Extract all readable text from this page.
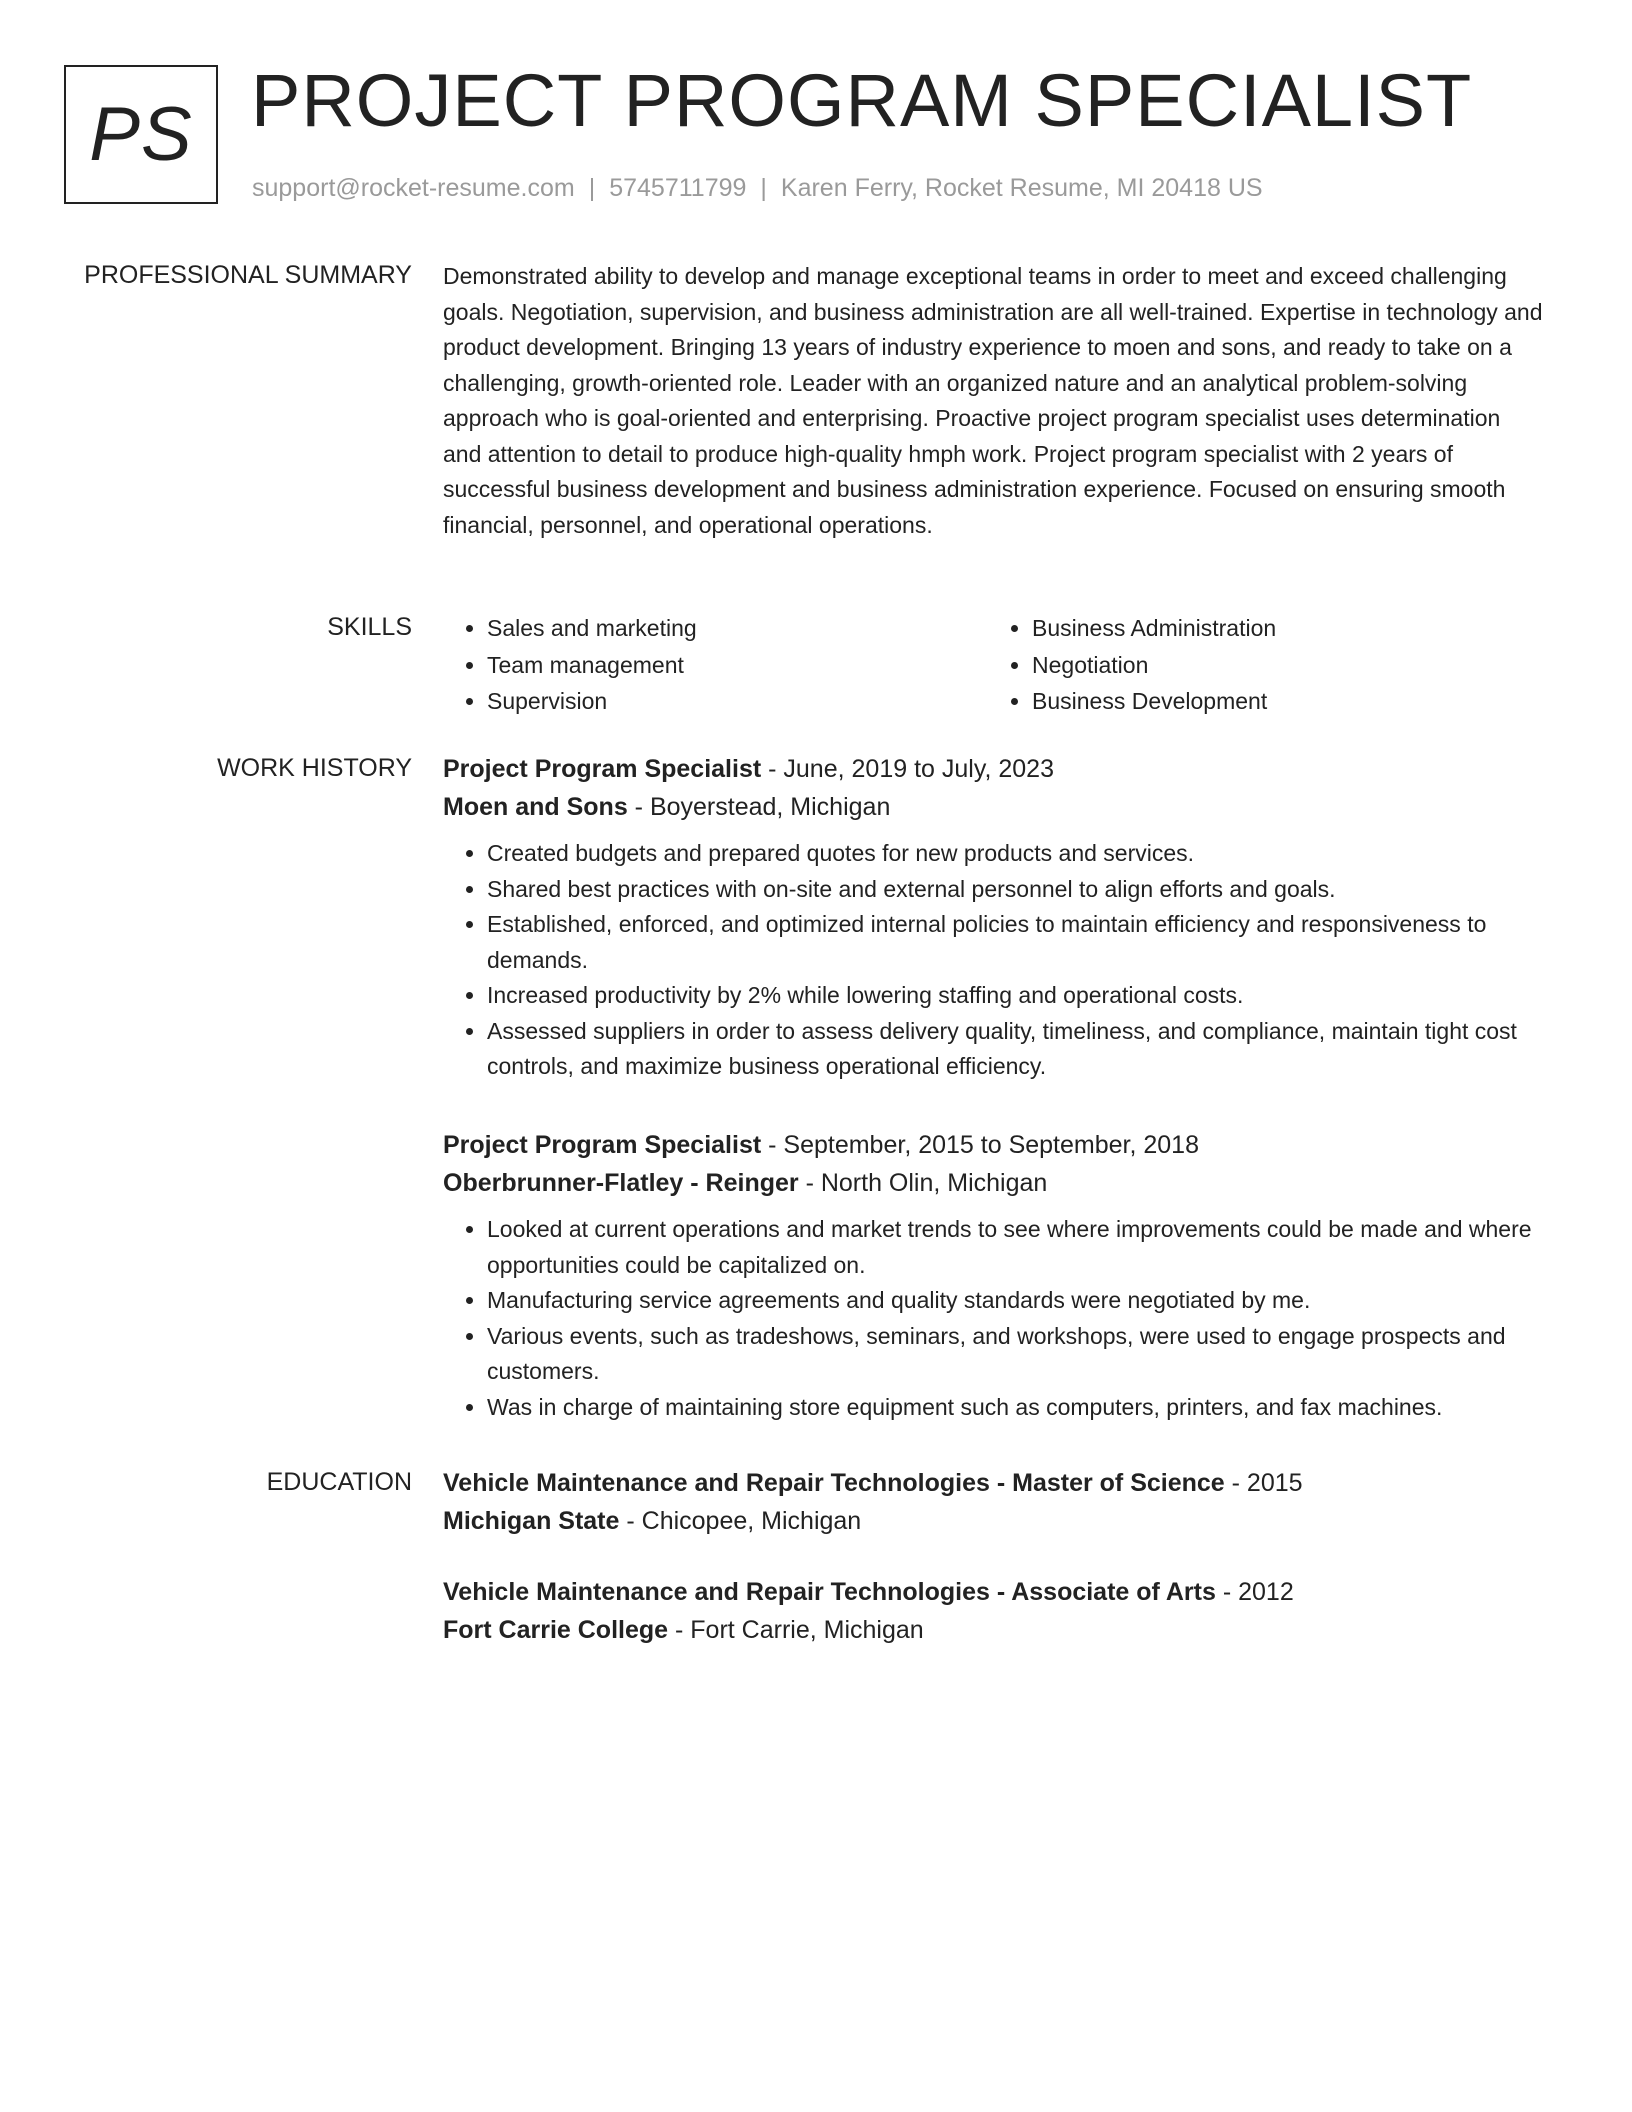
PS PROJECT PROGRAM SPECIALIST
support@rocket-resume.com | 5745711799 | Karen Ferry, Rocket Resume, MI 20418 US
PROFESSIONAL SUMMARY Demonstrated ability to develop and manage exceptional teams in order to meet and exceed challenging goals. Negotiation, supervision, and business administration are all well-trained. Expertise in technology and product development. Bringing 13 years of industry experience to moen and sons, and ready to take on a challenging, growth-oriented role. Leader with an organized nature and an analytical problem-solving approach who is goal-oriented and enterprising. Proactive project program specialist uses determination and attention to detail to produce high-quality hmph work. Project program specialist with 2 years of successful business development and business administration experience. Focused on ensuring smooth financial, personnel, and operational operations.

SKILLS
•	Sales and marketing
• Team management
• Supervision
• Business Administration
• Negotiation
• Business Development
WORK HISTORY Project Program Specialist - June, 2019 to July, 2023

Moen and Sons - Boyerstead, Michigan

• Created budgets and prepared quotes for new products and services.
• Shared best practices with on-site and external personnel to align efforts and goals.
• Established, enforced, and optimized internal policies to maintain efficiency and responsiveness to demands.
• Increased productivity by 2% while lowering staffing and operational costs.
• Assessed suppliers in order to assess delivery quality, timeliness, and compliance, maintain tight cost controls, and maximize business operational efficiency.

Project Program Specialist - September, 2015 to September, 2018

Oberbrunner-Flatley - Reinger - North Olin, Michigan

• Looked at current operations and market trends to see where improvements could be made and where opportunities could be capitalized on.
• Manufacturing service agreements and quality standards were negotiated by me.
• Various events, such as tradeshows, seminars, and workshops, were used to engage prospects and customers.
• Was in charge of maintaining store equipment such as computers, printers, and fax machines.
EDUCATION Vehicle Maintenance and Repair Technologies - Master of Science - 2015

Michigan State - Chicopee, Michigan

Vehicle Maintenance and Repair Technologies - Associate of Arts - 2012

Fort Carrie College - Fort Carrie, Michigan
